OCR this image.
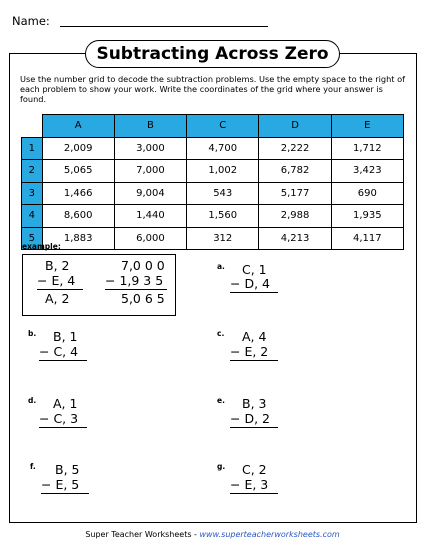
Name:
Subtracting Across Zero
Use the number grid to decode the subtraction problems. Use the empty space to the right of each problem to show your work. Write the coordinates of the grid where your answer is found.
	A	B	C	D	E
1	2,009	3,000	4,700	2,222	1,712
2	5,065	7,000	1,002	6,782	3,423
3	1,466	9,004	543	5,177	690
4	8,600	1,440	1,560	2,988	1,935
5	1,883	6,000	312	4,213	4,117
example:
B, 2
− E, 4
A, 2
7,0 0 0
− 1,9 3 5
5,0 6 5
a. C, 1
− D, 4
b. B, 1
− C, 4
c. A, 4
− E, 2
d. A, 1
− C, 3
e. B, 3
− D, 2
f. B, 5
− E, 5
g. C, 2
− E, 3
Super Teacher Worksheets - www.superteacherworksheets.com
